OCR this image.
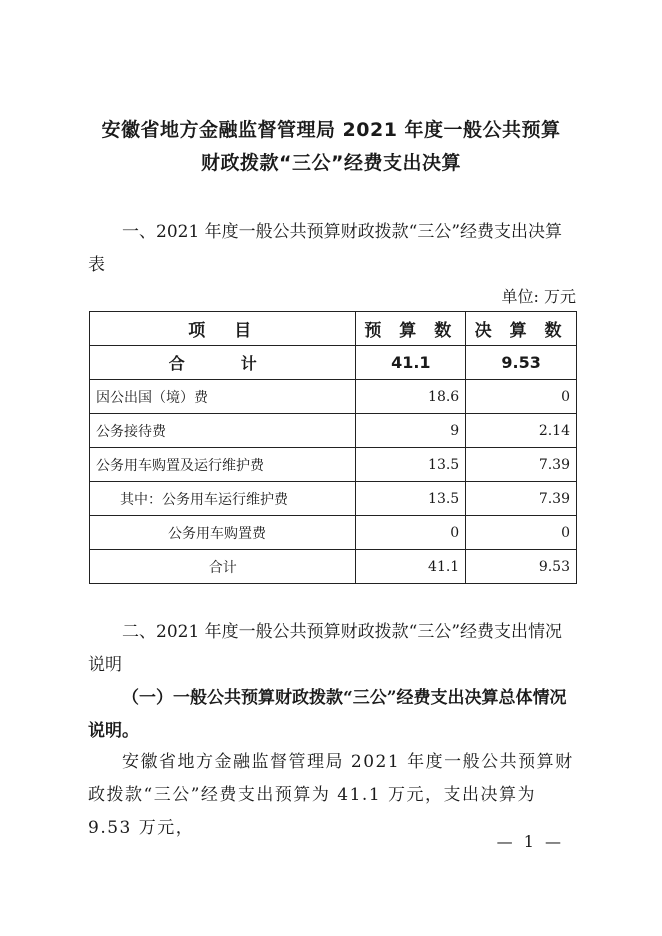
安徽省地方金融监督管理局 2021 年度一般公共预算
财政拨款“三公”经费支出决算
一、2021 年度一般公共预算财政拨款“三公”经费支出决算表
单位: 万元
项　目	预 算 数	决 算 数
合　计	41.1	9.53
因公出国（境）费	18.6	0
公务接待费	9	2.14
公务用车购置及运行维护费	13.5	7.39
其中：公务用车运行维护费	13.5	7.39
公务用车购置费	0	0
合计	41.1	9.53
二、2021 年度一般公共预算财政拨款“三公”经费支出情况说明
（一）一般公共预算财政拨款“三公”经费支出决算总体情况说明。
安徽省地方金融监督管理局 2021 年度一般公共预算财政拨款“三公”经费支出预算为 41.1 万元，支出决算为 9.53 万元，
— 1 —
